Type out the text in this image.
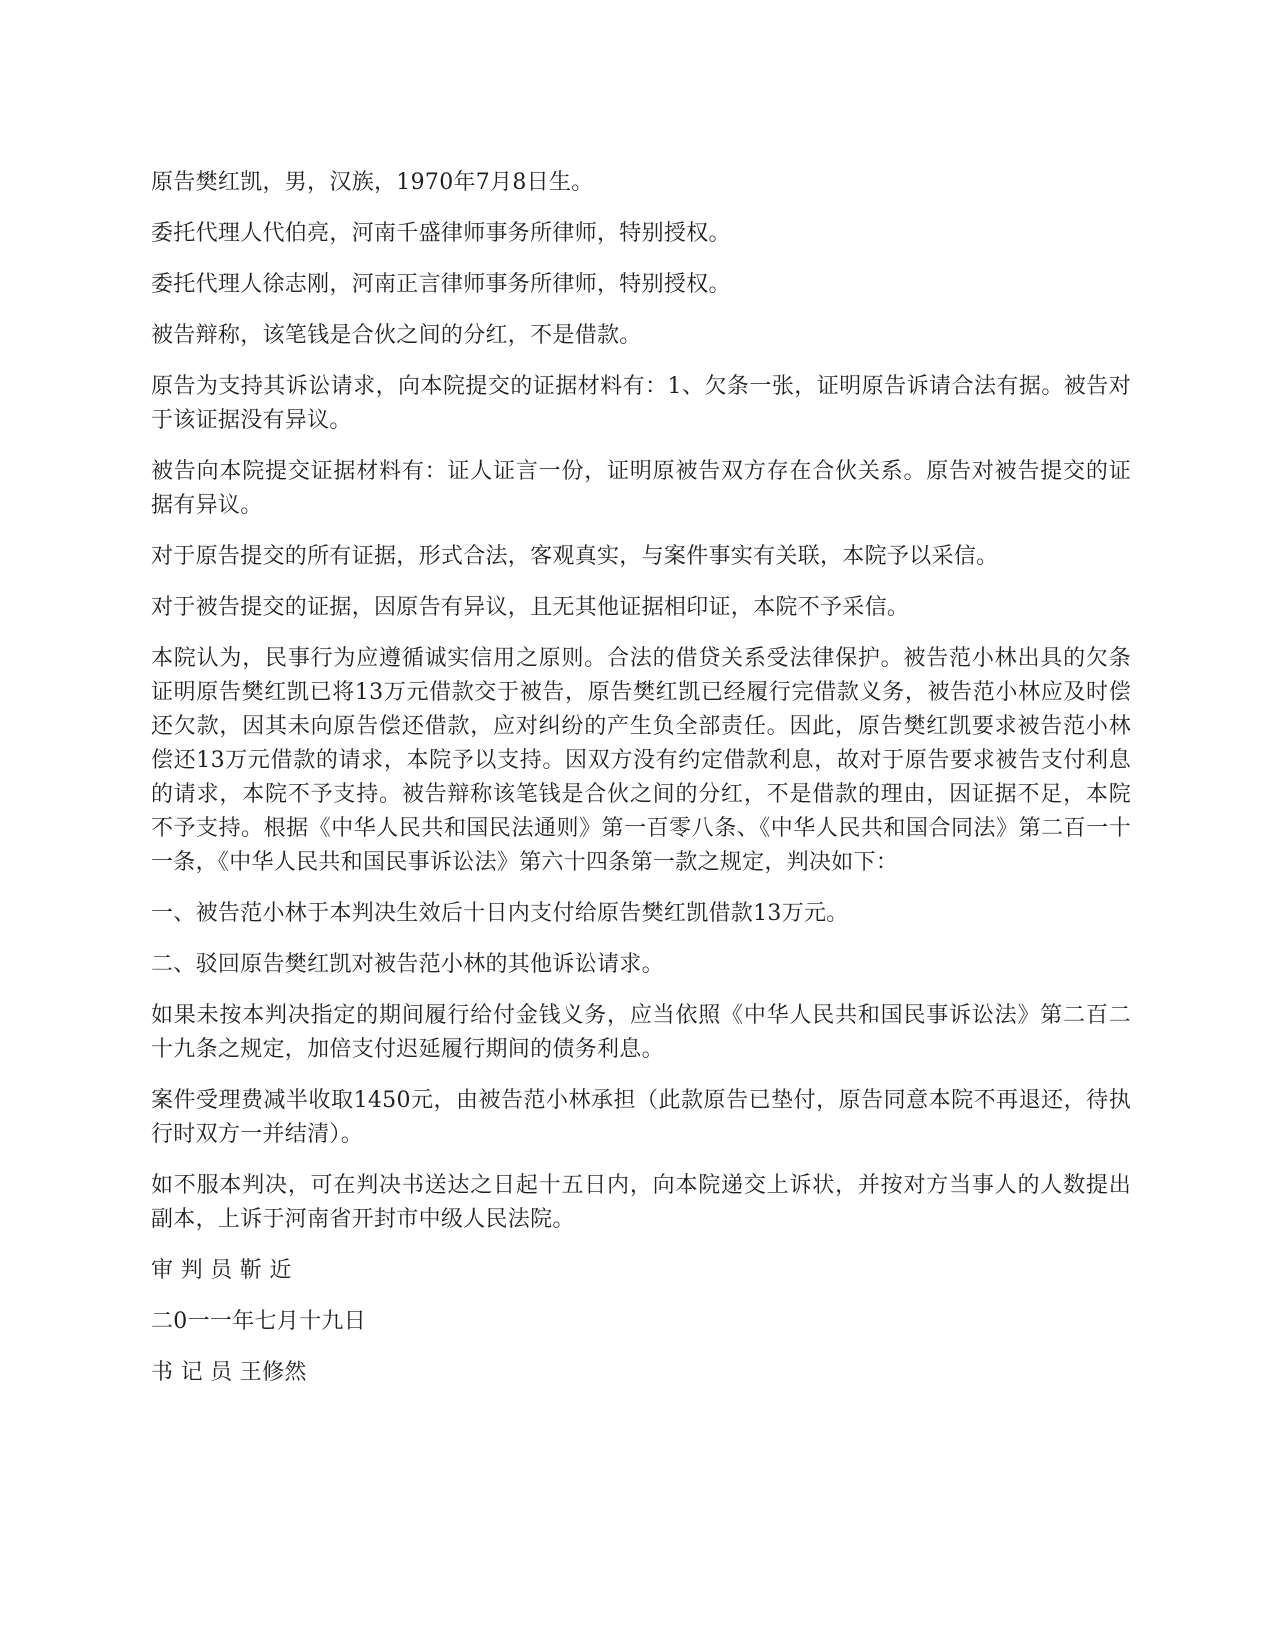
原告樊红凯，男，汉族，1970年7月8日生。

委托代理人代伯亮，河南千盛律师事务所律师，特别授权。

委托代理人徐志刚，河南正言律师事务所律师，特别授权。

被告辩称，该笔钱是合伙之间的分红，不是借款。

原告为支持其诉讼请求，向本院提交的证据材料有：1、欠条一张，证明原告诉请合法有据。被告对于该证据没有异议。

被告向本院提交证据材料有：证人证言一份，证明原被告双方存在合伙关系。原告对被告提交的证据有异议。

对于原告提交的所有证据，形式合法，客观真实，与案件事实有关联，本院予以采信。

对于被告提交的证据，因原告有异议，且无其他证据相印证，本院不予采信。

本院认为，民事行为应遵循诚实信用之原则。合法的借贷关系受法律保护。被告范小林出具的欠条证明原告樊红凯已将13万元借款交于被告，原告樊红凯已经履行完借款义务，被告范小林应及时偿还欠款，因其未向原告偿还借款，应对纠纷的产生负全部责任。因此，原告樊红凯要求被告范小林偿还13万元借款的请求，本院予以支持。因双方没有约定借款利息，故对于原告要求被告支付利息的请求，本院不予支持。被告辩称该笔钱是合伙之间的分红，不是借款的理由，因证据不足，本院不予支持。根据《中华人民共和国民法通则》第一百零八条、《中华人民共和国合同法》第二百一十一条，《中华人民共和国民事诉讼法》第六十四条第一款之规定，判决如下：

一、被告范小林于本判决生效后十日内支付给原告樊红凯借款13万元。

二、驳回原告樊红凯对被告范小林的其他诉讼请求。

如果未按本判决指定的期间履行给付金钱义务，应当依照《中华人民共和国民事诉讼法》第二百二十九条之规定，加倍支付迟延履行期间的债务利息。

案件受理费减半收取1450元，由被告范小林承担（此款原告已垫付，原告同意本院不再退还，待执行时双方一并结清）。

如不服本判决，可在判决书送达之日起十五日内，向本院递交上诉状，并按对方当事人的人数提出副本，上诉于河南省开封市中级人民法院。

审 判 员 靳 近

二0一一年七月十九日

书 记 员 王修然
